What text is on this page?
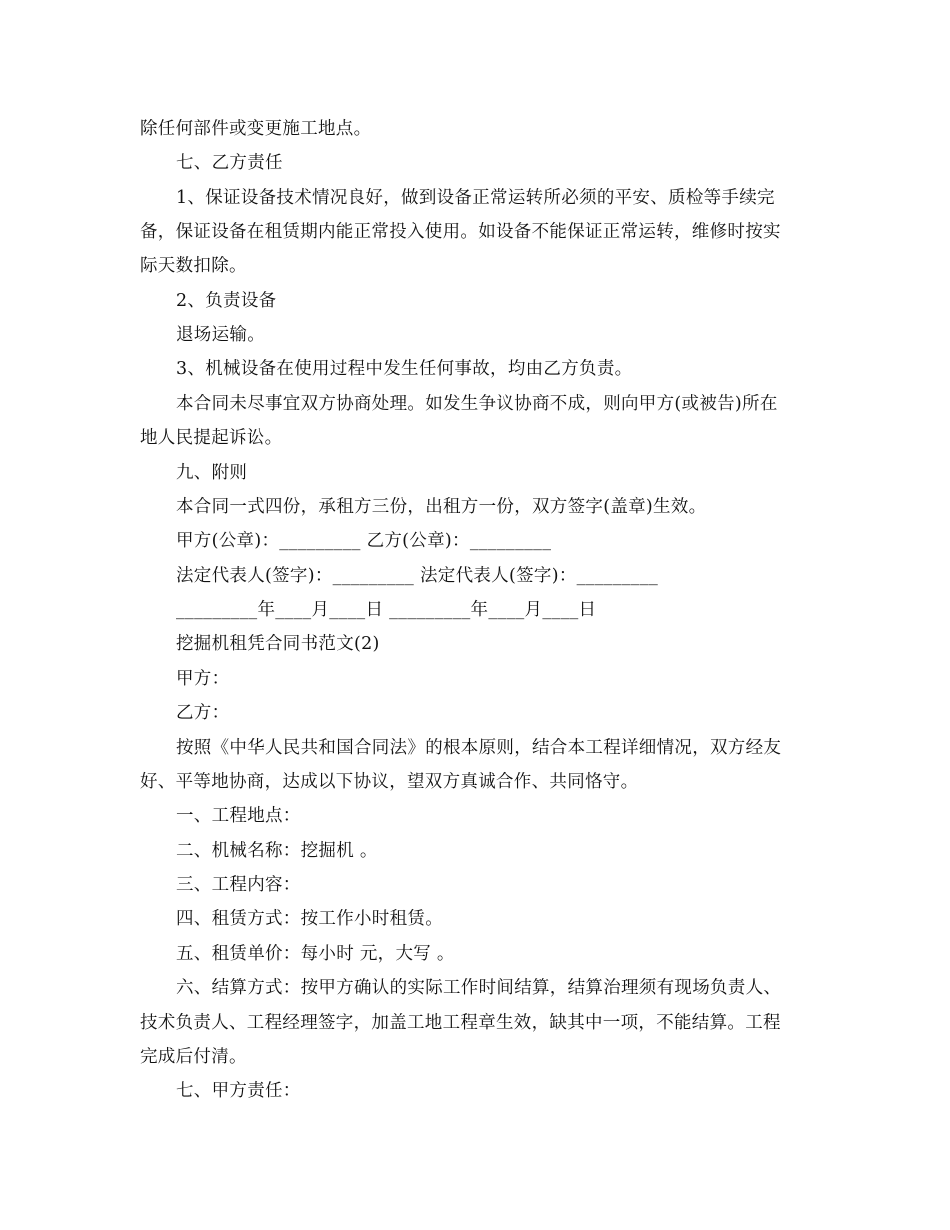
除任何部件或变更施工地点。
七、乙方责任
1、保证设备技术情况良好，做到设备正常运转所必须的平安、质检等手续完
备，保证设备在租赁期内能正常投入使用。如设备不能保证正常运转，维修时按实
际天数扣除。
2、负责设备
退场运输。
3、机械设备在使用过程中发生任何事故，均由乙方负责。
本合同未尽事宜双方协商处理。如发生争议协商不成，则向甲方(或被告)所在
地人民提起诉讼。
九、附则
本合同一式四份，承租方三份，出租方一份，双方签字(盖章)生效。
甲方(公章)：_________ 乙方(公章)：_________
法定代表人(签字)：_________ 法定代表人(签字)：_________
_________年____月____日 _________年____月____日
挖掘机租凭合同书范文(2)
甲方：
乙方：
按照《中华人民共和国合同法》的根本原则，结合本工程详细情况，双方经友
好、平等地协商，达成以下协议，望双方真诚合作、共同恪守。
一、工程地点：
二、机械名称：挖掘机 。
三、工程内容：
四、租赁方式：按工作小时租赁。
五、租赁单价：每小时 元，大写 。
六、结算方式：按甲方确认的实际工作时间结算，结算治理须有现场负责人、
技术负责人、工程经理签字，加盖工地工程章生效，缺其中一项，不能结算。工程
完成后付清。
七、甲方责任：
